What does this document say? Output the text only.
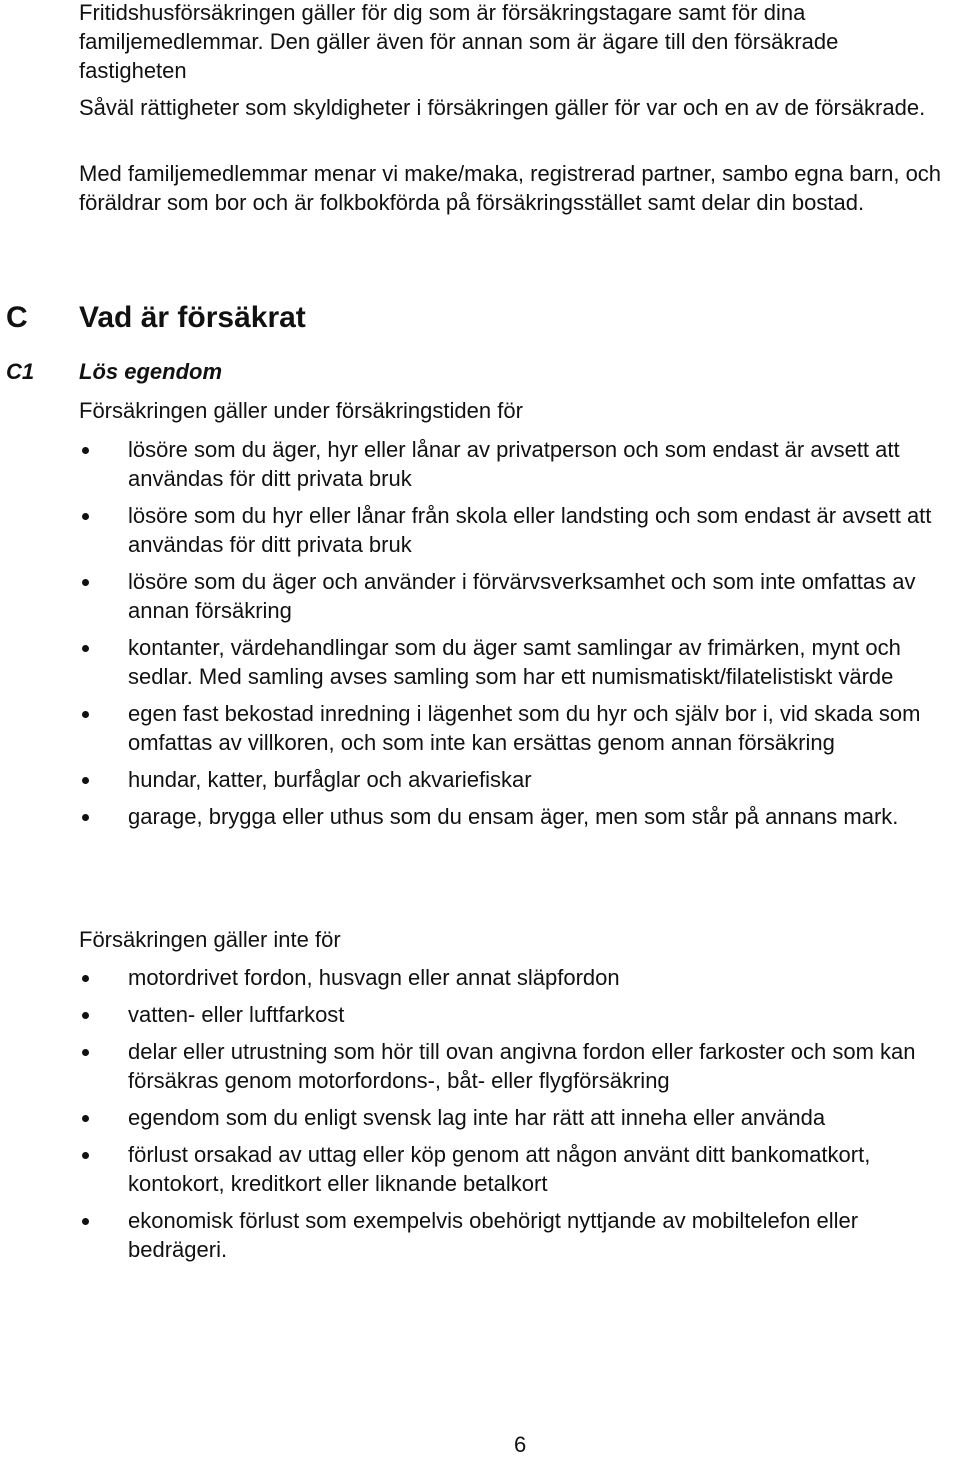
Fritidshusförsäkringen gäller för dig som är försäkringstagare samt för dina familjemedlemmar. Den gäller även för annan som är ägare till den försäkrade fastigheten

Såväl rättigheter som skyldigheter i försäkringen gäller för var och en av de försäkrade.

Med familjemedlemmar menar vi make/maka, registrerad partner, sambo egna barn, och föräldrar som bor och är folkbokförda på försäkringsstället samt delar din bostad.

C Vad är försäkrat
C1 Lös egendom

Försäkringen gäller under försäkringstiden för

lösöre som du äger, hyr eller lånar av privatperson och som endast är avsett att användas för ditt privata bruk
lösöre som du hyr eller lånar från skola eller landsting och som endast är avsett att användas för ditt privata bruk
lösöre som du äger och använder i förvärvsverksamhet och som inte omfattas av annan försäkring
kontanter, värdehandlingar som du äger samt samlingar av frimärken, mynt och sedlar. Med samling avses samling som har ett numismatiskt/filatelistiskt värde
egen fast bekostad inredning i lägenhet som du hyr och själv bor i, vid skada som omfattas av villkoren, och som inte kan ersättas genom annan försäkring
hundar, katter, burfåglar och akvariefiskar
garage, brygga eller uthus som du ensam äger, men som står på annans mark.

Försäkringen gäller inte för

motordrivet fordon, husvagn eller annat släpfordon
vatten- eller luftfarkost
delar eller utrustning som hör till ovan angivna fordon eller farkoster och som kan försäkras genom motorfordons-, båt- eller flygförsäkring
egendom som du enligt svensk lag inte har rätt att inneha eller använda
förlust orsakad av uttag eller köp genom att någon använt ditt bankomatkort, kontokort, kreditkort eller liknande betalkort
ekonomisk förlust som exempelvis obehörigt nyttjande av mobiltelefon eller bedrägeri.
6
